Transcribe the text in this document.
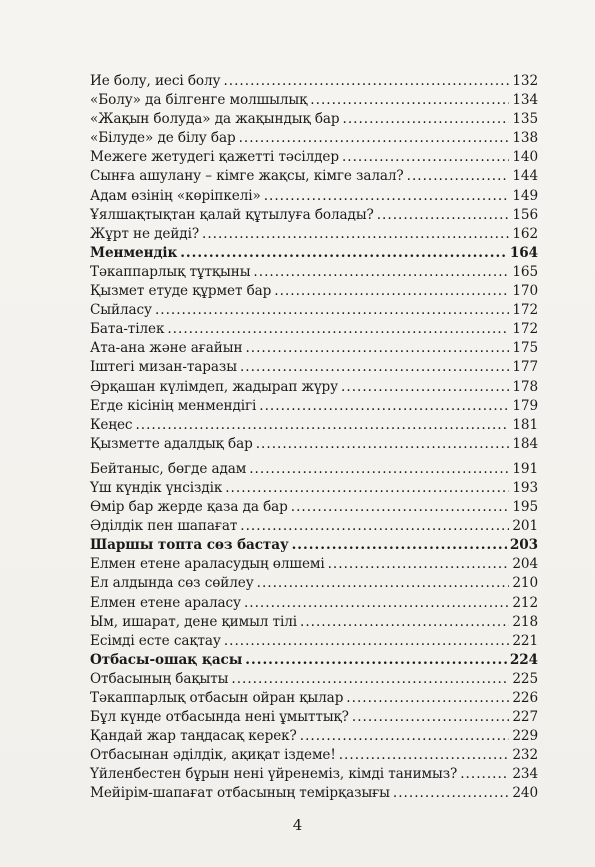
Ие болу, иесі болу .....	132
«Болу» да білгенге молшылық .....	134
«Жақын болуда» да жақындық бар .....	135
«Білуде» де білу бар .....	138
Межеге жетудегі қажетті тәсілдер .....	140
Сынға ашулану – кімге жақсы, кімге залал? .....	144
Адам өзінің «көріпкелі» .....	149
Ұялшақтықтан қалай құтылуға болады? .....	156
Жұрт не дейді? .....	162
Менмендік .....	164
Тәкаппарлық тұтқыны .....	165
Қызмет етуде құрмет бар .....	170
Сыйласу .....	172
Бата-тілек .....	172
Ата-ана және ағайын .....	175
Іштегі мизан-таразы .....	177
Әрқашан күлімдеп, жадырап жүру .....	178
Егде кісінің менмендігі .....	179
Кеңес .....	181
Қызметте адалдық бар .....	184
Бейтаныс, бөгде адам .....	191
Үш күндік үнсіздік .....	193
Өмір бар жерде қаза да бар .....	195
Әділдік пен шапағат .....	201
Шаршы топта сөз бастау .....	203
Елмен етене араласудың өлшемі .....	204
Ел алдында сөз сөйлеу .....	210
Елмен етене араласу .....	212
Ым, ишарат, дене қимыл тілі .....	218
Есімді есте сақтау .....	221
Отбасы-ошақ қасы .....	224
Отбасының бақыты .....	225
Тәкаппарлық отбасын ойран қылар .....	226
Бұл күнде отбасында нені ұмыттық? .....	227
Қандай жар таңдасақ керек? .....	229
Отбасынан әділдік, ақиқат іздеме! .....	232
Үйленбестен бұрын нені үйренеміз, кімді танимыз? .....	234
Мейірім-шапағат отбасының темірқазығы .....	240
4
